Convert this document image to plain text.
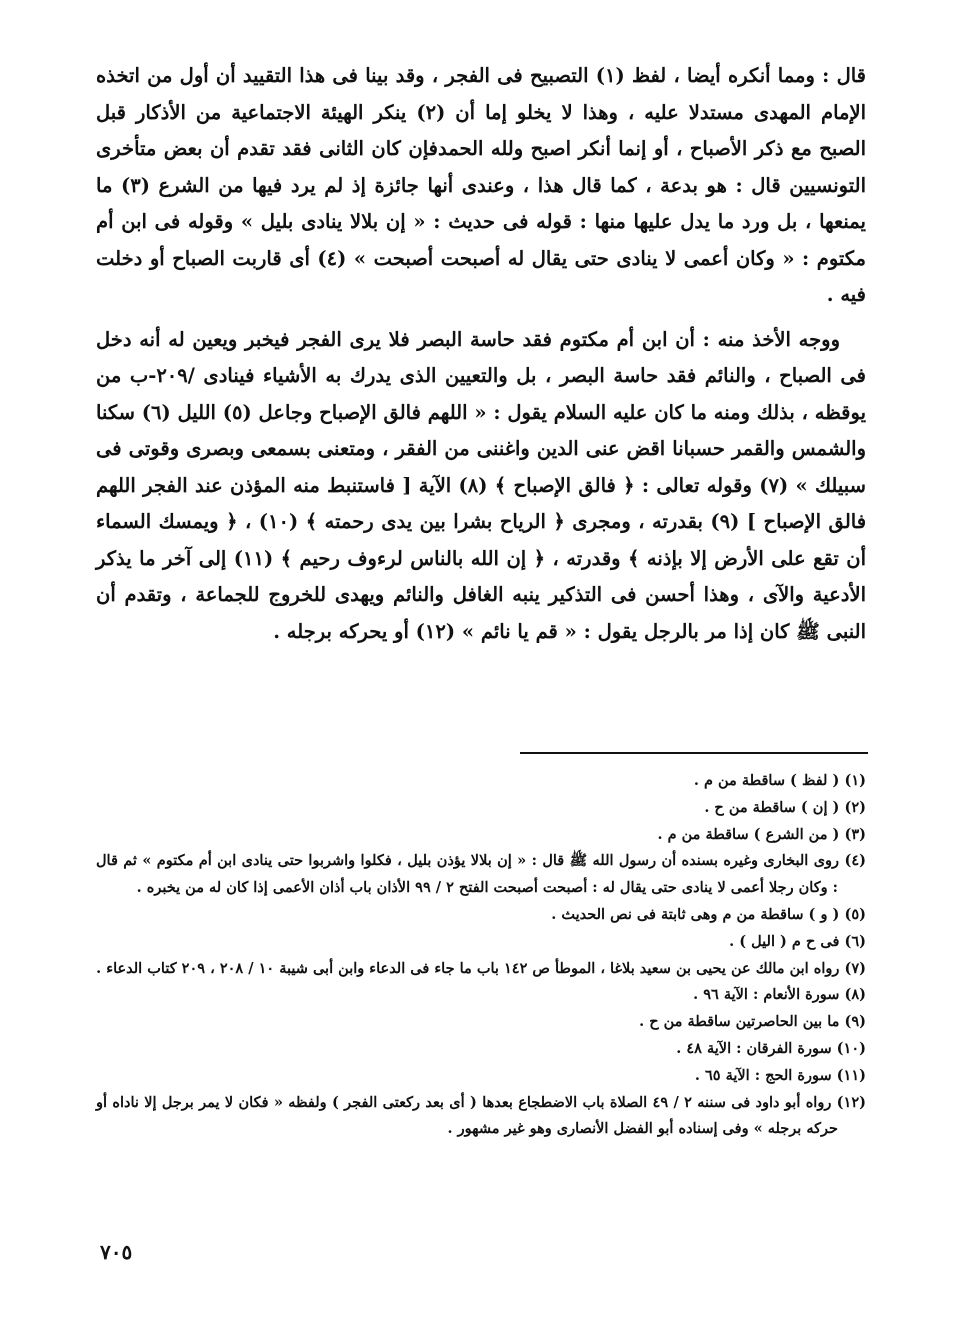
قال : ومما أنكره أيضا ، لفظ (١) التصبيح فى الفجر ، وقد بينا فى هذا التقييد أن أول من اتخذه الإمام المهدى مستدلا عليه ، وهذا لا يخلو إما أن (٢) ينكر الهيئة الاجتماعية من الأذكار قبل الصبح مع ذكر الأصباح ، أو إنما أنكر اصبح ولله الحمدفإن كان الثانى فقد تقدم أن بعض متأخرى التونسيين قال : هو بدعة ، كما قال هذا ، وعندى أنها جائزة إذ لم يرد فيها من الشرع (٣) ما يمنعها ، بل ورد ما يدل عليها منها : قوله فى حديث : « إن بلالا ينادى بليل » وقوله فى ابن أم مكتوم : « وكان أعمى لا ينادى حتى يقال له أصبحت أصبحت » (٤) أى قاربت الصباح أو دخلت فيه .

ووجه الأخذ منه : أن ابن أم مكتوم فقد حاسة البصر فلا يرى الفجر فيخبر ويعين له أنه دخل فى الصباح ، والنائم فقد حاسة البصر ، بل والتعيين الذى يدرك به الأشياء فينادى /٢٠٩-ب من يوقظه ، بذلك ومنه ما كان عليه السلام يقول : « اللهم فالق الإصباح وجاعل (٥) الليل (٦) سكنا والشمس والقمر حسبانا اقض عنى الدين واغننى من الفقر ، ومتعنى بسمعى وبصرى وقوتى فى سبيلك » (٧) وقوله تعالى : ﴿ فالق الإصباح ﴾ (٨) الآية [ فاستنبط منه المؤذن عند الفجر اللهم فالق الإصباح ] (٩) بقدرته ، ومجرى ﴿ الرياح بشرا بين يدى رحمته ﴾ (١٠) ، ﴿ ويمسك السماء أن تقع على الأرض إلا بإذنه ﴾ وقدرته ، ﴿ إن الله بالناس لرءوف رحيم ﴾ (١١) إلى آخر ما يذكر الأدعية والآى ، وهذا أحسن فى التذكير ينبه الغافل والنائم ويهدى للخروج للجماعة ، وتقدم أن النبى ﷺ كان إذا مر بالرجل يقول : « قم يا نائم » (١٢) أو يحركه برجله .

(١) ( لفظ ) ساقطة من م .

(٢) ( إن ) ساقطة من ح .

(٣) ( من الشرع ) ساقطة من م .

(٤) روى البخارى وغيره بسنده أن رسول الله ﷺ قال : « إن بلالا يؤذن بليل ، فكلوا واشربوا حتى ينادى ابن أم مكتوم » ثم قال : وكان رجلا أعمى لا ينادى حتى يقال له : أصبحت أصبحت الفتح ٢ / ٩٩ الأذان باب أذان الأعمى إذا كان له من يخبره .

(٥) ( و ) ساقطة من م وهى ثابتة فى نص الحديث .

(٦) فى ح م ( اليل ) .

(٧) رواه ابن مالك عن يحيى بن سعيد بلاغا ، الموطأ ص ١٤٢ باب ما جاء فى الدعاء وابن أبى شيبة ١٠ / ٢٠٨ ، ٢٠٩ كتاب الدعاء .

(٨) سورة الأنعام : الآية ٩٦ .

(٩) ما بين الحاصرتين ساقطة من ح .

(١٠) سورة الفرقان : الآية ٤٨ .

(١١) سورة الحج : الآية ٦٥ .

(١٢) رواه أبو داود فى سننه ٢ / ٤٩ الصلاة باب الاضطجاع بعدها ( أى بعد ركعتى الفجر ) ولفظه « فكان لا يمر برجل إلا ناداه أو حركه برجله » وفى إسناده أبو الفضل الأنصارى وهو غير مشهور .

٧٠٥
